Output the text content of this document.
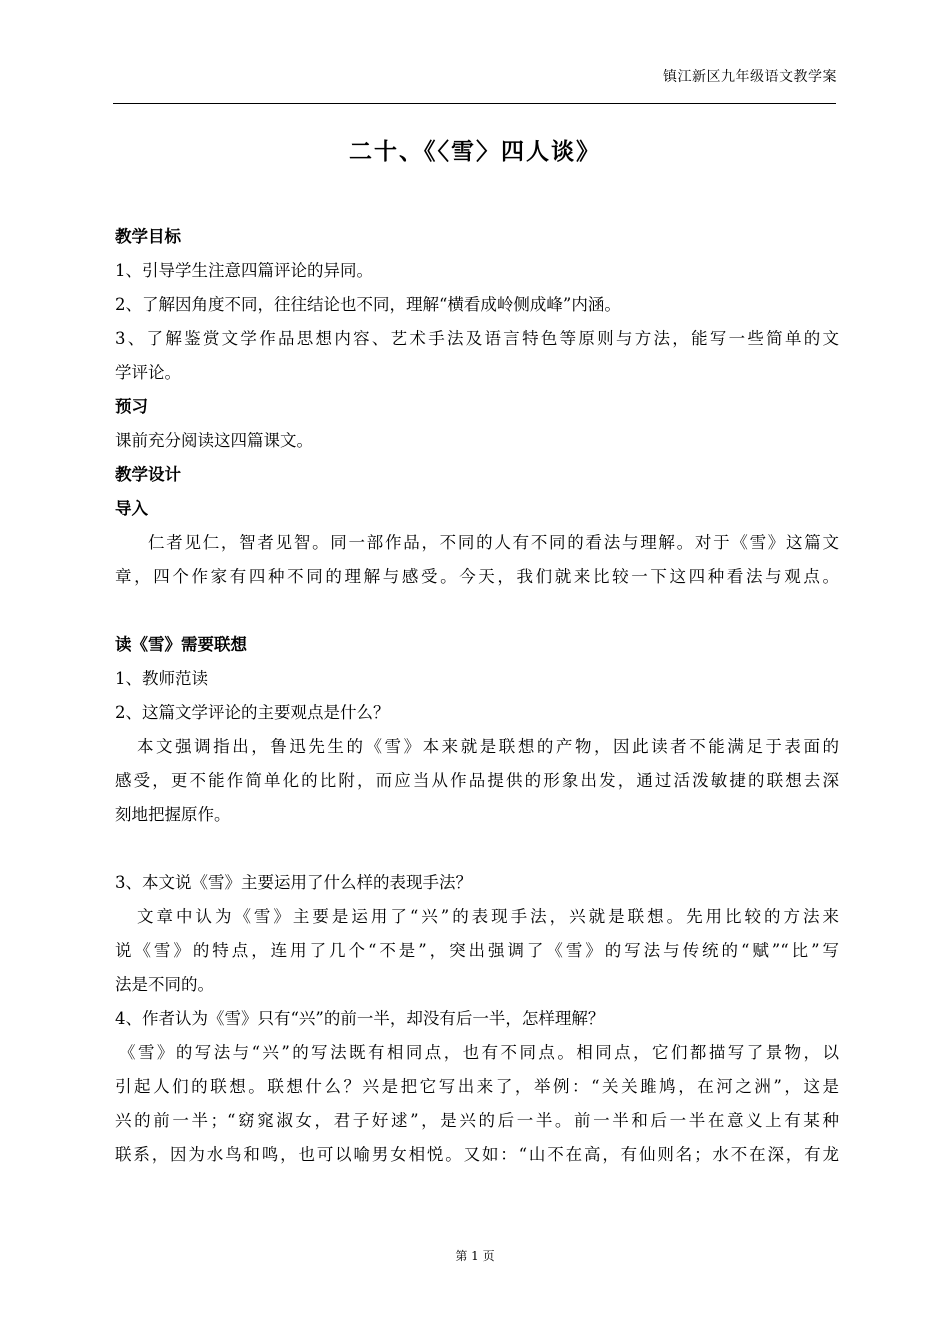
镇江新区九年级语文教学案
二十、《〈雪〉四人谈》
教学目标
1、引导学生注意四篇评论的异同。
2、了解因角度不同，往往结论也不同，理解“横看成岭侧成峰”内涵。
3、了解鉴赏文学作品思想内容、艺术手法及语言特色等原则与方法，能写一些简单的文
学评论。
预习
课前充分阅读这四篇课文。
教学设计
导入
仁者见仁，智者见智。同一部作品，不同的人有不同的看法与理解。对于《雪》这篇文
章，四个作家有四种不同的理解与感受。今天，我们就来比较一下这四种看法与观点。
读《雪》需要联想
1、教师范读
2、这篇文学评论的主要观点是什么？
本文强调指出，鲁迅先生的《雪》本来就是联想的产物，因此读者不能满足于表面的
感受，更不能作简单化的比附，而应当从作品提供的形象出发，通过活泼敏捷的联想去深
刻地把握原作。
3、本文说《雪》主要运用了什么样的表现手法？
文章中认为《雪》主要是运用了“兴”的表现手法，兴就是联想。先用比较的方法来
说《雪》的特点，连用了几个“不是”，突出强调了《雪》的写法与传统的“赋”“比”写
法是不同的。
4、作者认为《雪》只有“兴”的前一半，却没有后一半，怎样理解？
《雪》的写法与“兴”的写法既有相同点，也有不同点。相同点，它们都描写了景物，以
引起人们的联想。联想什么？兴是把它写出来了，举例：“关关雎鸠，在河之洲”，这是
兴的前一半；“窈窕淑女，君子好逑”，是兴的后一半。前一半和后一半在意义上有某种
联系，因为水鸟和鸣，也可以喻男女相悦。又如：“山不在高，有仙则名；水不在深，有龙
第 1 页
